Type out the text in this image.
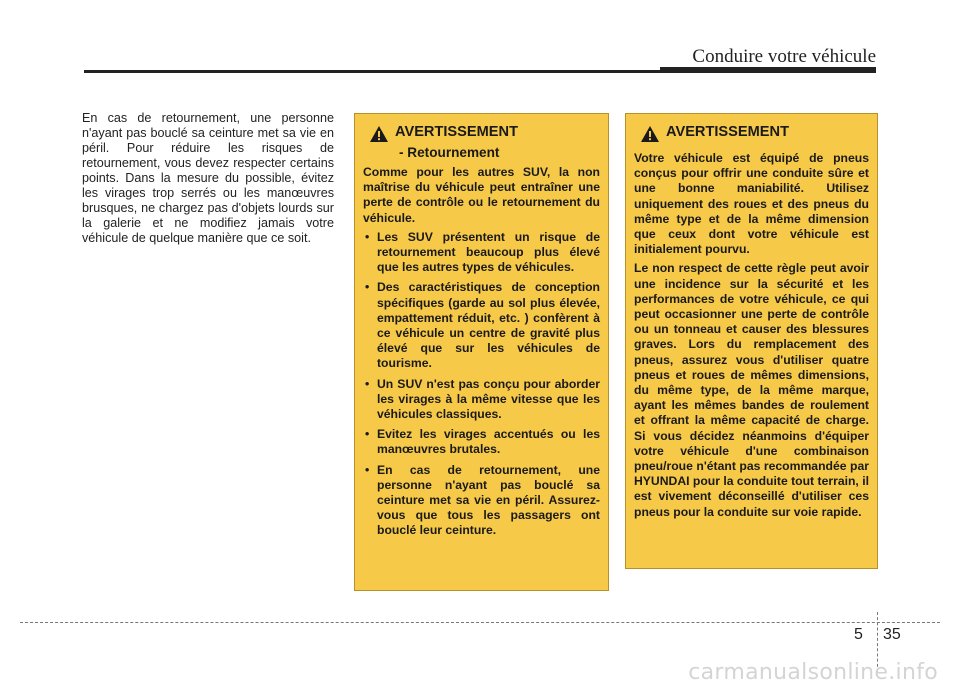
Conduire votre véhicule
En cas de retournement, une personne n'ayant pas bouclé sa ceinture met sa vie en péril. Pour réduire les risques de retournement, vous devez respecter certains points. Dans la mesure du possible, évitez les virages trop serrés ou les manœuvres brusques, ne chargez pas d'objets lourds sur la galerie et ne modifiez jamais votre véhicule de quelque manière que ce soit.
AVERTISSEMENT
- Retournement
Comme pour les autres SUV, la non maîtrise du véhicule peut entraîner une perte de contrôle ou le retournement du véhicule.
• Les SUV présentent un risque de retournement beaucoup plus élevé que les autres types de véhicules.
• Des caractéristiques de conception spécifiques (garde au sol plus élevée, empattement réduit, etc. ) confèrent à ce véhicule un centre de gravité plus élevé que sur les véhicules de tourisme.
• Un SUV n'est pas conçu pour aborder les virages à la même vitesse que les véhicules classiques.
• Evitez les virages accentués ou les manœuvres brutales.
• En cas de retournement, une personne n'ayant pas bouclé sa ceinture met sa vie en péril. Assurez-vous que tous les passagers ont bouclé leur ceinture.
AVERTISSEMENT
Votre véhicule est équipé de pneus conçus pour offrir une conduite sûre et une bonne maniabilité. Utilisez uniquement des roues et des pneus du même type et de la même dimension que ceux dont votre véhicule est initialement pourvu.
Le non respect de cette règle peut avoir une incidence sur la sécurité et les performances de votre véhicule, ce qui peut occasionner une perte de contrôle ou un tonneau et causer des blessures graves. Lors du remplacement des pneus, assurez vous d'utiliser quatre pneus et roues de mêmes dimensions, du même type, de la même marque, ayant les mêmes bandes de roulement et offrant la même capacité de charge. Si vous décidez néanmoins d'équiper votre véhicule d'une combinaison pneu/roue n'étant pas recommandée par HYUNDAI pour la conduite tout terrain, il est vivement déconseillé d'utiliser ces pneus pour la conduite sur voie rapide.
5 35
carmanualsonline.info
